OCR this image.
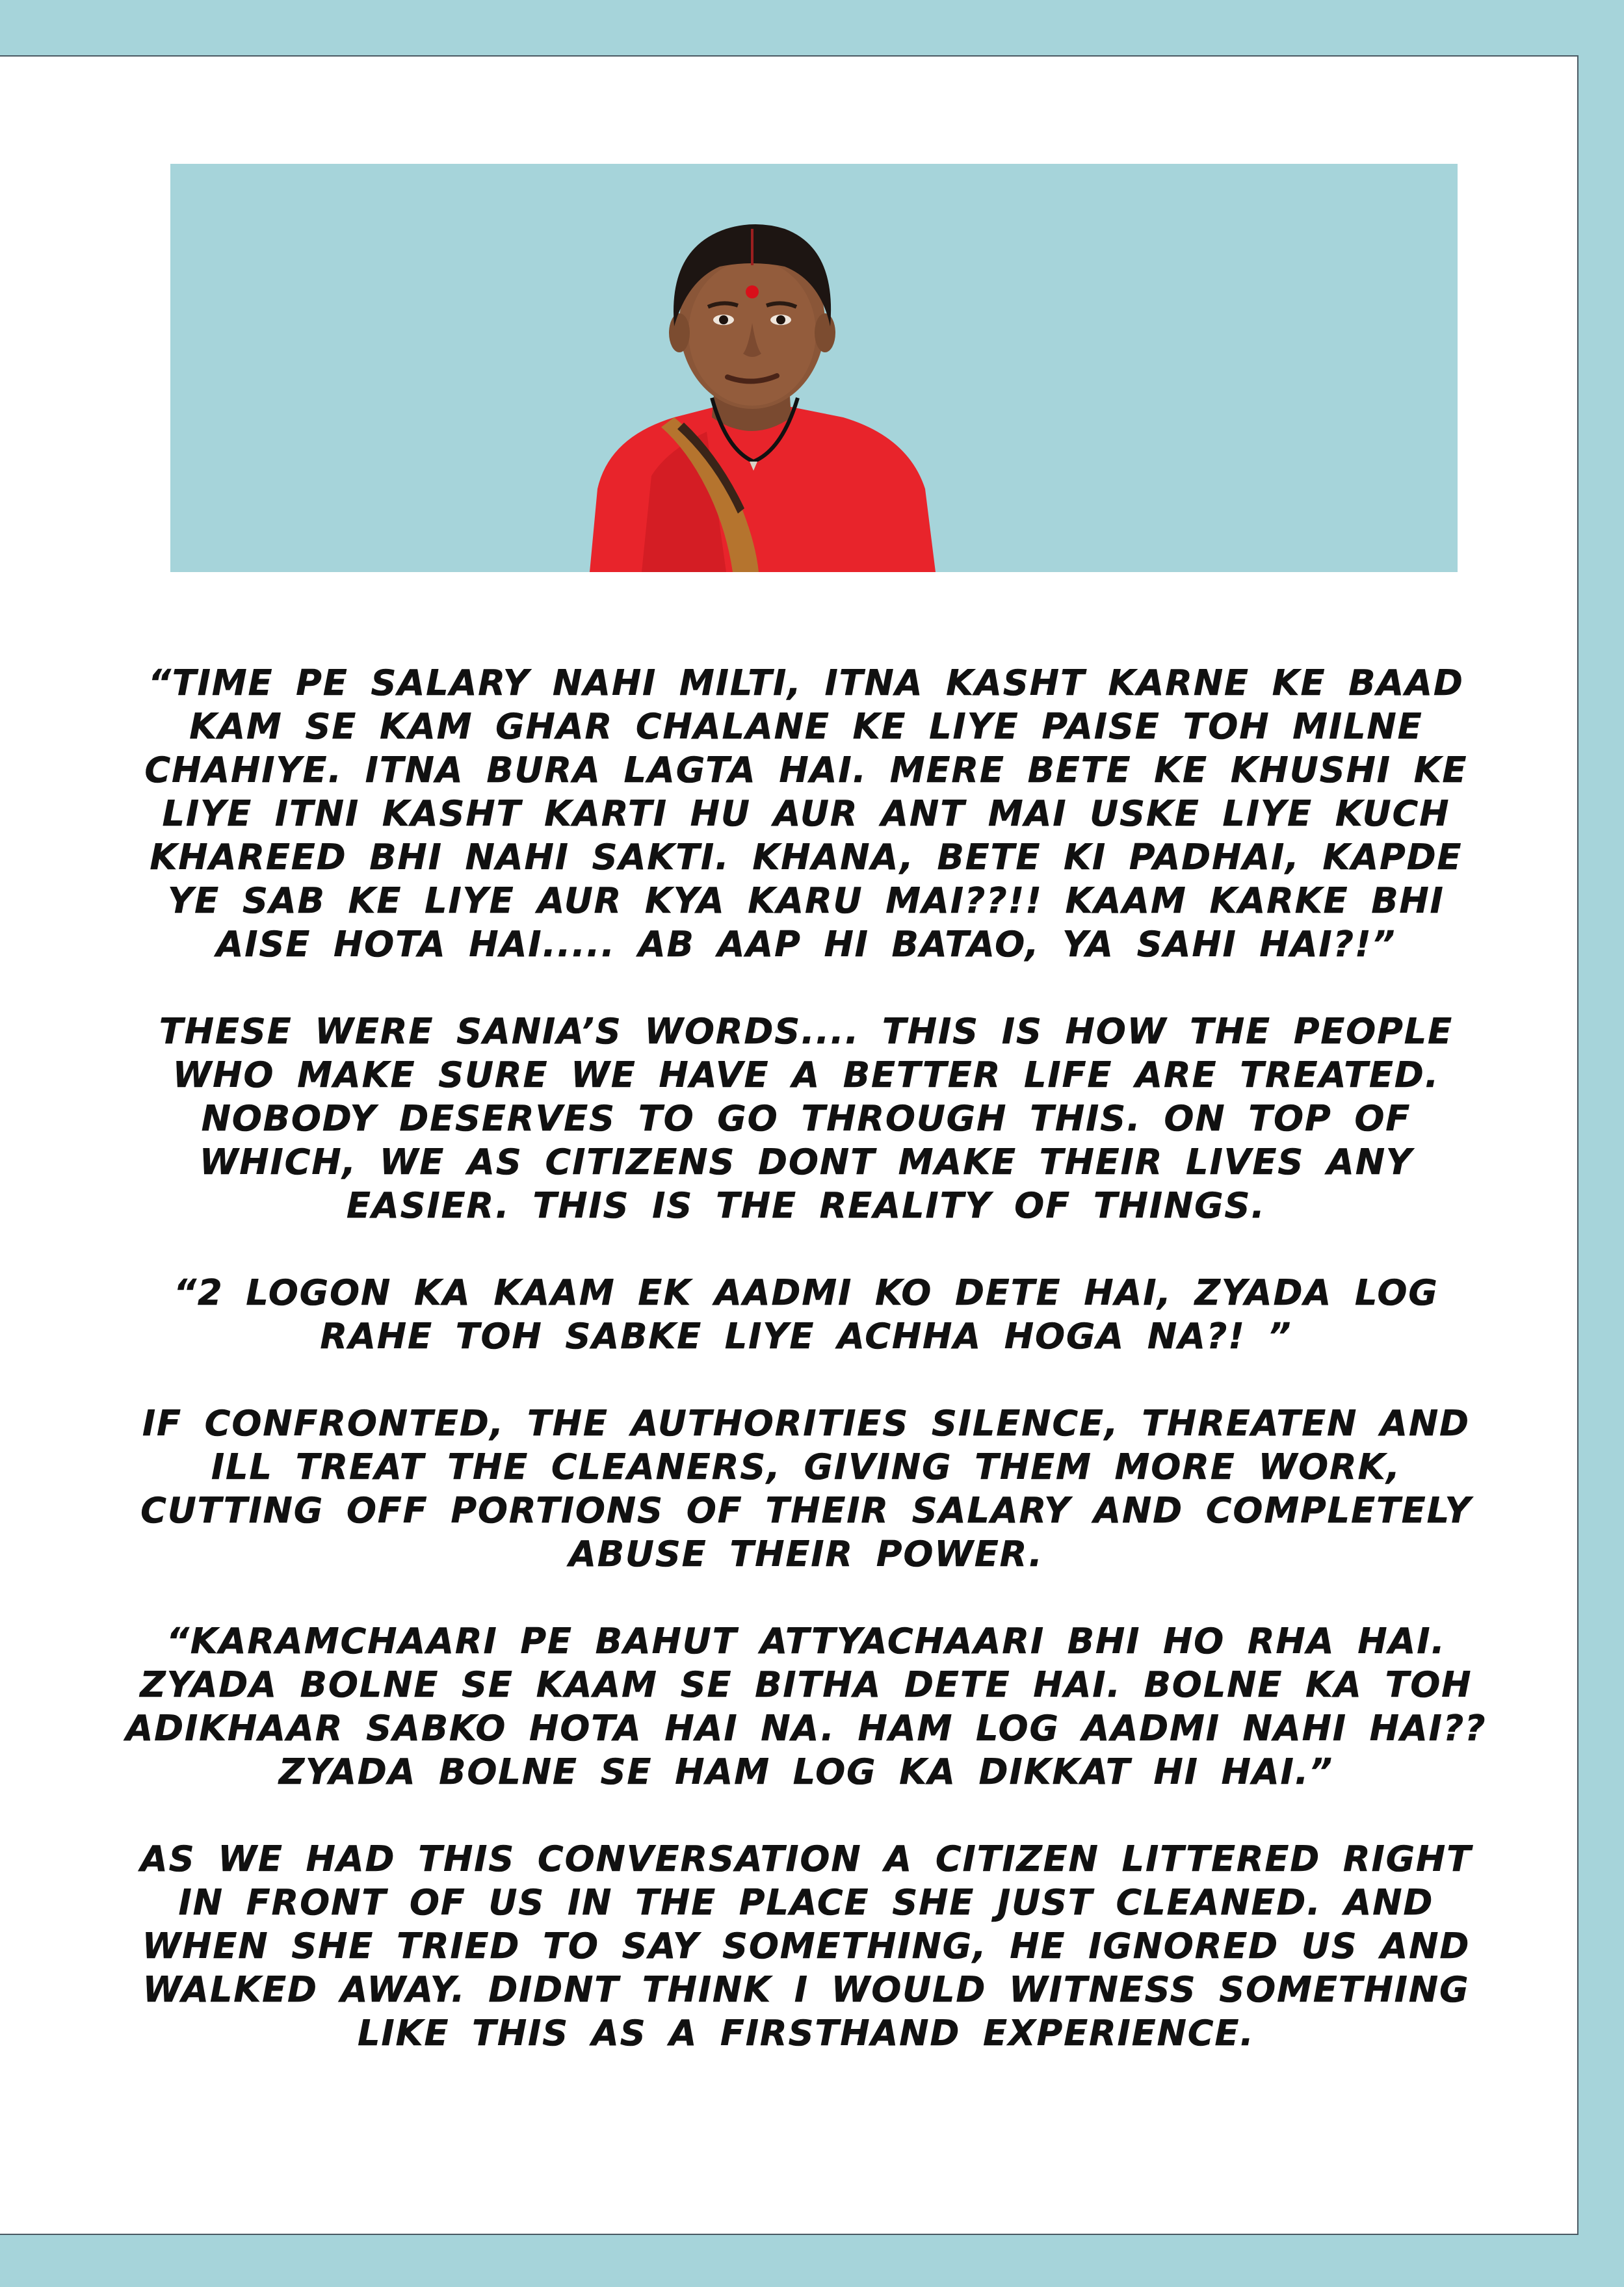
“TIME PE SALARY NAHI MILTI, ITNA KASHT KARNE KE BAAD KAM SE KAM GHAR CHALANE KE LIYE PAISE TOH MILNE CHAHIYE. ITNA BURA LAGTA HAI. MERE BETE KE KHUSHI KE LIYE ITNI KASHT KARTI HU AUR ANT MAI USKE LIYE KUCH KHAREED BHI NAHI SAKTI. KHANA, BETE KI PADHAI, KAPDE YE SAB KE LIYE AUR KYA KARU MAI??!! KAAM KARKE BHI AISE HOTA HAI..... AB AAP HI BATAO, YA SAHI HAI?!”

THESE WERE SANIA’S WORDS.... THIS IS HOW THE PEOPLE WHO MAKE SURE WE HAVE A BETTER LIFE ARE TREATED. NOBODY DESERVES TO GO THROUGH THIS. ON TOP OF WHICH, WE AS CITIZENS DONT MAKE THEIR LIVES ANY EASIER. THIS IS THE REALITY OF THINGS.

“2 LOGON KA KAAM EK AADMI KO DETE HAI, ZYADA LOG RAHE TOH SABKE LIYE ACHHA HOGA NA?! ”

IF CONFRONTED, THE AUTHORITIES SILENCE, THREATEN AND ILL TREAT THE CLEANERS, GIVING THEM MORE WORK, CUTTING OFF PORTIONS OF THEIR SALARY AND COMPLETELY ABUSE THEIR POWER.

“KARAMCHAARI PE BAHUT ATTYACHAARI BHI HO RHA HAI. ZYADA BOLNE SE KAAM SE BITHA DETE HAI. BOLNE KA TOH ADIKHAAR SABKO HOTA HAI NA. HAM LOG AADMI NAHI HAI?? ZYADA BOLNE SE HAM LOG KA DIKKAT HI HAI.”

AS WE HAD THIS CONVERSATION A CITIZEN LITTERED RIGHT IN FRONT OF US IN THE PLACE SHE JUST CLEANED. AND WHEN SHE TRIED TO SAY SOMETHING, HE IGNORED US AND WALKED AWAY. DIDNT THINK I WOULD WITNESS SOMETHING LIKE THIS AS A FIRSTHAND EXPERIENCE.
